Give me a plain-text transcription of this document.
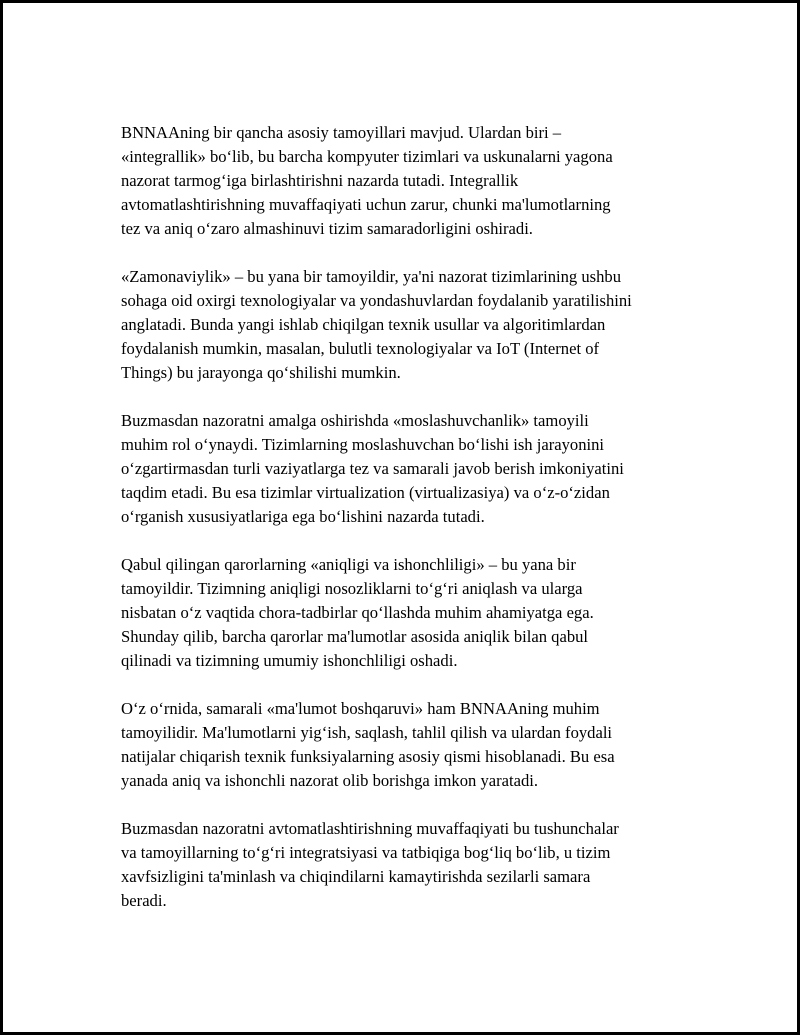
BNNAAning bir qancha asosiy tamoyillari mavjud. Ulardan biri –
«integrallik» bo‘lib, bu barcha kompyuter tizimlari va uskunalarni yagona
nazorat tarmog‘iga birlashtirishni nazarda tutadi. Integrallik
avtomatlashtirishning muvaffaqiyati uchun zarur, chunki ma'lumotlarning
tez va aniq o‘zaro almashinuvi tizim samaradorligini oshiradi.

«Zamonaviylik» – bu yana bir tamoyildir, ya'ni nazorat tizimlarining ushbu
sohaga oid oxirgi texnologiyalar va yondashuvlardan foydalanib yaratilishini
anglatadi. Bunda yangi ishlab chiqilgan texnik usullar va algoritimlardan
foydalanish mumkin, masalan, bulutli texnologiyalar va IoT (Internet of
Things) bu jarayonga qo‘shilishi mumkin.

Buzmasdan nazoratni amalga oshirishda «moslashuvchanlik» tamoyili
muhim rol o‘ynaydi. Tizimlarning moslashuvchan bo‘lishi ish jarayonini
o‘zgartirmasdan turli vaziyatlarga tez va samarali javob berish imkoniyatini
taqdim etadi. Bu esa tizimlar virtualization (virtualizasiya) va o‘z-o‘zidan
o‘rganish xususiyatlariga ega bo‘lishini nazarda tutadi.

Qabul qilingan qarorlarning «aniqligi va ishonchliligi» – bu yana bir
tamoyildir. Tizimning aniqligi nosozliklarni to‘g‘ri aniqlash va ularga
nisbatan o‘z vaqtida chora-tadbirlar qo‘llashda muhim ahamiyatga ega.
Shunday qilib, barcha qarorlar ma'lumotlar asosida aniqlik bilan qabul
qilinadi va tizimning umumiy ishonchliligi oshadi.

O‘z o‘rnida, samarali «ma'lumot boshqaruvi» ham BNNAAning muhim
tamoyilidir. Ma'lumotlarni yig‘ish, saqlash, tahlil qilish va ulardan foydali
natijalar chiqarish texnik funksiyalarning asosiy qismi hisoblanadi. Bu esa
yanada aniq va ishonchli nazorat olib borishga imkon yaratadi.

Buzmasdan nazoratni avtomatlashtirishning muvaffaqiyati bu tushunchalar
va tamoyillarning to‘g‘ri integratsiyasi va tatbiqiga bog‘liq bo‘lib, u tizim
xavfsizligini ta'minlash va chiqindilarni kamaytirishda sezilarli samara
beradi.
